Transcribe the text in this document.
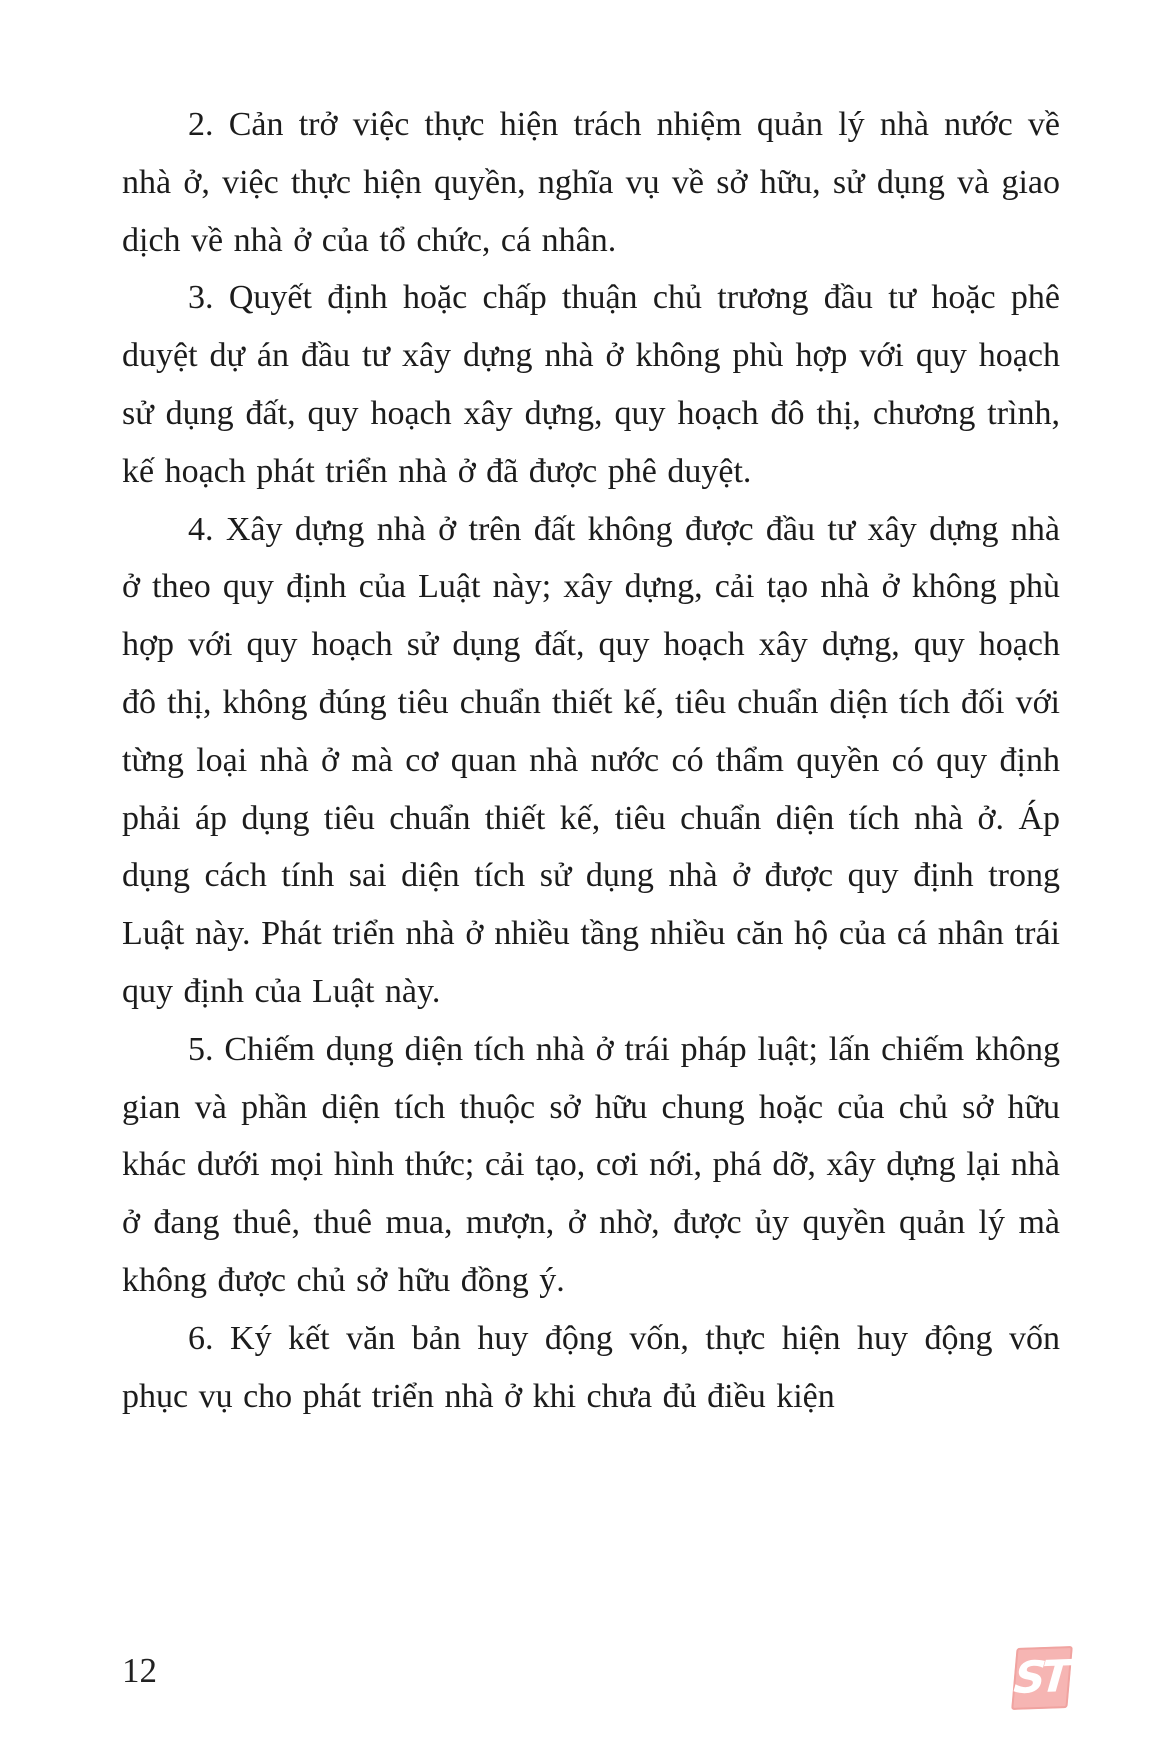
2. Cản trở việc thực hiện trách nhiệm quản lý nhà nước về nhà ở, việc thực hiện quyền, nghĩa vụ về sở hữu, sử dụng và giao dịch về nhà ở của tổ chức, cá nhân.

3. Quyết định hoặc chấp thuận chủ trương đầu tư hoặc phê duyệt dự án đầu tư xây dựng nhà ở không phù hợp với quy hoạch sử dụng đất, quy hoạch xây dựng, quy hoạch đô thị, chương trình, kế hoạch phát triển nhà ở đã được phê duyệt.

4. Xây dựng nhà ở trên đất không được đầu tư xây dựng nhà ở theo quy định của Luật này; xây dựng, cải tạo nhà ở không phù hợp với quy hoạch sử dụng đất, quy hoạch xây dựng, quy hoạch đô thị, không đúng tiêu chuẩn thiết kế, tiêu chuẩn diện tích đối với từng loại nhà ở mà cơ quan nhà nước có thẩm quyền có quy định phải áp dụng tiêu chuẩn thiết kế, tiêu chuẩn diện tích nhà ở. Áp dụng cách tính sai diện tích sử dụng nhà ở được quy định trong Luật này. Phát triển nhà ở nhiều tầng nhiều căn hộ của cá nhân trái quy định của Luật này.

5. Chiếm dụng diện tích nhà ở trái pháp luật; lấn chiếm không gian và phần diện tích thuộc sở hữu chung hoặc của chủ sở hữu khác dưới mọi hình thức; cải tạo, cơi nới, phá dỡ, xây dựng lại nhà ở đang thuê, thuê mua, mượn, ở nhờ, được ủy quyền quản lý mà không được chủ sở hữu đồng ý.

6. Ký kết văn bản huy động vốn, thực hiện huy động vốn phục vụ cho phát triển nhà ở khi chưa đủ điều kiện

12	ST
